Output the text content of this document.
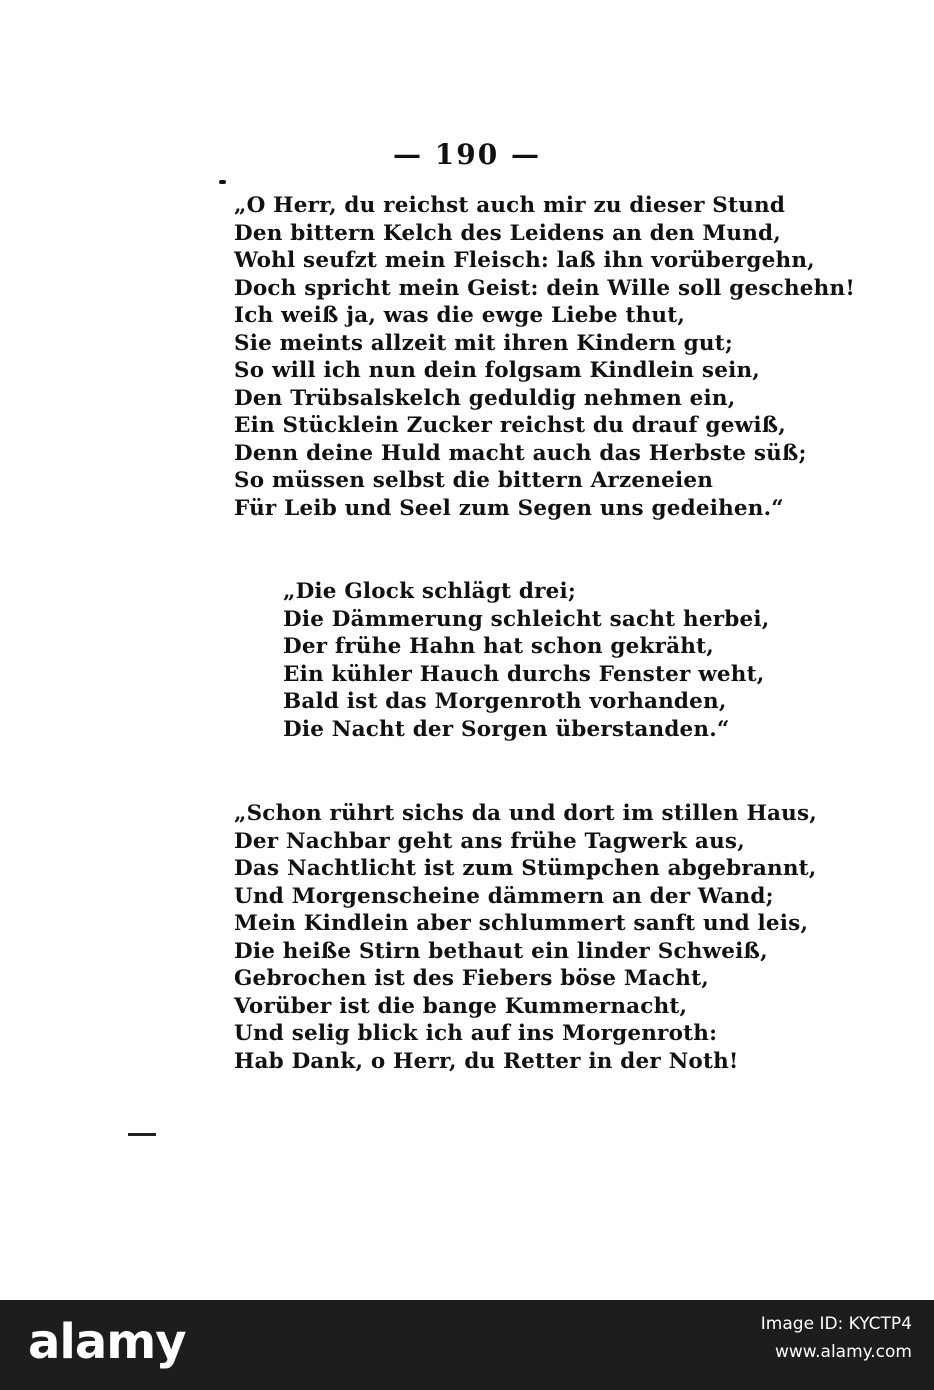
— 190 —
„O Herr, du reichst auch mir zu dieser Stund
Den bittern Kelch des Leidens an den Mund,
Wohl seufzt mein Fleisch: laß ihn vorübergehn,
Doch spricht mein Geist: dein Wille soll geschehn!
Ich weiß ja, was die ewge Liebe thut,
Sie meints allzeit mit ihren Kindern gut;
So will ich nun dein folgsam Kindlein sein,
Den Trübsalskelch geduldig nehmen ein,
Ein Stücklein Zucker reichst du drauf gewiß,
Denn deine Huld macht auch das Herbste süß;
So müssen selbst die bittern Arzeneien
Für Leib und Seel zum Segen uns gedeihen.“
„Die Glock schlägt drei;
Die Dämmerung schleicht sacht herbei,
Der frühe Hahn hat schon gekräht,
Ein kühler Hauch durchs Fenster weht,
Bald ist das Morgenroth vorhanden,
Die Nacht der Sorgen überstanden.“
„Schon rührt sichs da und dort im stillen Haus,
Der Nachbar geht ans frühe Tagwerk aus,
Das Nachtlicht ist zum Stümpchen abgebrannt,
Und Morgenscheine dämmern an der Wand;
Mein Kindlein aber schlummert sanft und leis,
Die heiße Stirn bethaut ein linder Schweiß,
Gebrochen ist des Fiebers böse Macht,
Vorüber ist die bange Kummernacht,
Und selig blick ich auf ins Morgenroth:
Hab Dank, o Herr, du Retter in der Noth!
alamy	Image ID: KYCTP4
www.alamy.com
